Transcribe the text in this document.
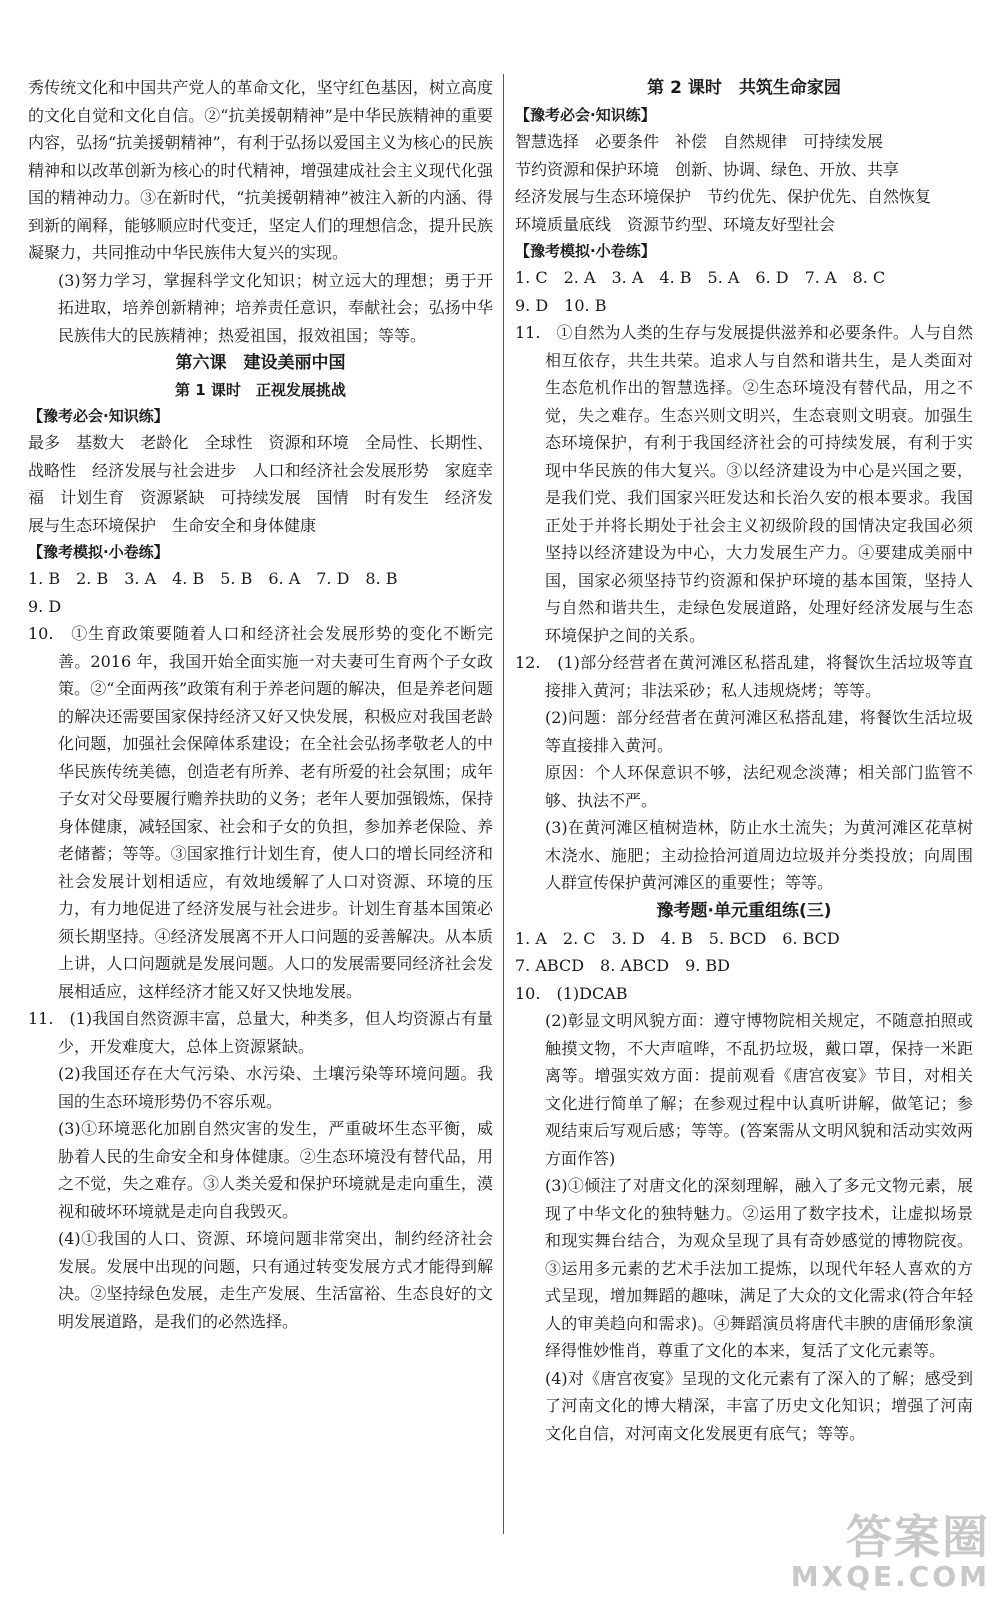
秀传统文化和中国共产党人的革命文化，坚守红色基因，树立高度的文化自觉和文化自信。②“抗美援朝精神”是中华民族精神的重要内容，弘扬“抗美援朝精神”，有利于弘扬以爱国主义为核心的民族精神和以改革创新为核心的时代精神，增强建成社会主义现代化强国的精神动力。③在新时代，“抗美援朝精神”被注入新的内涵、得到新的阐释，能够顺应时代变迁，坚定人们的理想信念，提升民族凝聚力，共同推动中华民族伟大复兴的实现。

(3)努力学习，掌握科学文化知识；树立远大的理想；勇于开拓进取，培养创新精神；培养责任意识，奉献社会；弘扬中华民族伟大的民族精神；热爱祖国，报效祖国；等等。

第六课　建设美丽中国

第 1 课时　正视发展挑战

【豫考必会·知识练】

最多　基数大　老龄化　全球性　资源和环境　全局性、长期性、战略性　经济发展与社会进步　人口和经济社会发展形势　家庭幸福　计划生育　资源紧缺　可持续发展　国情　时有发生　经济发展与生态环境保护　生命安全和身体健康

【豫考模拟·小卷练】

1. B　2. B　3. A　4. B　5. B　6. A　7. D　8. B

9. D

10.　①生育政策要随着人口和经济社会发展形势的变化不断完善。2016 年，我国开始全面实施一对夫妻可生育两个子女政策。②“全面两孩”政策有利于养老问题的解决，但是养老问题的解决还需要国家保持经济又好又快发展，积极应对我国老龄化问题，加强社会保障体系建设；在全社会弘扬孝敬老人的中华民族传统美德，创造老有所养、老有所爱的社会氛围；成年子女对父母要履行赡养扶助的义务；老年人要加强锻炼，保持身体健康，减轻国家、社会和子女的负担，参加养老保险、养老储蓄；等等。③国家推行计划生育，使人口的增长同经济和社会发展计划相适应，有效地缓解了人口对资源、环境的压力，有力地促进了经济发展与社会进步。计划生育基本国策必须长期坚持。④经济发展离不开人口问题的妥善解决。从本质上讲，人口问题就是发展问题。人口的发展需要同经济社会发展相适应，这样经济才能又好又快地发展。

11.　(1)我国自然资源丰富，总量大，种类多，但人均资源占有量少，开发难度大，总体上资源紧缺。

(2)我国还存在大气污染、水污染、土壤污染等环境问题。我国的生态环境形势仍不容乐观。

(3)①环境恶化加剧自然灾害的发生，严重破坏生态平衡，威胁着人民的生命安全和身体健康。②生态环境没有替代品，用之不觉，失之难存。③人类关爱和保护环境就是走向重生，漠视和破坏环境就是走向自我毁灭。

(4)①我国的人口、资源、环境问题非常突出，制约经济社会发展。发展中出现的问题，只有通过转变发展方式才能得到解决。②坚持绿色发展，走生产发展、生活富裕、生态良好的文明发展道路，是我们的必然选择。

第 2 课时　共筑生命家园

【豫考必会·知识练】

智慧选择　必要条件　补偿　自然规律　可持续发展

节约资源和保护环境　创新、协调、绿色、开放、共享

经济发展与生态环境保护　节约优先、保护优先、自然恢复

环境质量底线　资源节约型、环境友好型社会

【豫考模拟·小卷练】

1. C　2. A　3. A　4. B　5. A　6. D　7. A　8. C

9. D　10. B

11.　①自然为人类的生存与发展提供滋养和必要条件。人与自然相互依存，共生共荣。追求人与自然和谐共生，是人类面对生态危机作出的智慧选择。②生态环境没有替代品，用之不觉，失之难存。生态兴则文明兴，生态衰则文明衰。加强生态环境保护，有利于我国经济社会的可持续发展，有利于实现中华民族的伟大复兴。③以经济建设为中心是兴国之要，是我们党、我们国家兴旺发达和长治久安的根本要求。我国正处于并将长期处于社会主义初级阶段的国情决定我国必须坚持以经济建设为中心，大力发展生产力。④要建成美丽中国，国家必须坚持节约资源和保护环境的基本国策，坚持人与自然和谐共生，走绿色发展道路，处理好经济发展与生态环境保护之间的关系。

12.　(1)部分经营者在黄河滩区私搭乱建，将餐饮生活垃圾等直接排入黄河；非法采砂；私人违规烧烤；等等。

(2)问题：部分经营者在黄河滩区私搭乱建，将餐饮生活垃圾等直接排入黄河。

原因：个人环保意识不够，法纪观念淡薄；相关部门监管不够、执法不严。

(3)在黄河滩区植树造林，防止水土流失；为黄河滩区花草树木浇水、施肥；主动捡拾河道周边垃圾并分类投放；向周围人群宣传保护黄河滩区的重要性；等等。

豫考题·单元重组练(三)

1. A　2. C　3. D　4. B　5. BCD　6. BCD

7. ABCD　8. ABCD　9. BD

10.　(1)DCAB

(2)彰显文明风貌方面：遵守博物院相关规定，不随意拍照或触摸文物，不大声喧哗，不乱扔垃圾，戴口罩，保持一米距离等。增强实效方面：提前观看《唐宫夜宴》节目，对相关文化进行简单了解；在参观过程中认真听讲解，做笔记；参观结束后写观后感；等等。(答案需从文明风貌和活动实效两方面作答)

(3)①倾注了对唐文化的深刻理解，融入了多元文物元素，展现了中华文化的独特魅力。②运用了数字技术，让虚拟场景和现实舞台结合，为观众呈现了具有奇妙感觉的博物院夜。③运用多元素的艺术手法加工提炼，以现代年轻人喜欢的方式呈现，增加舞蹈的趣味，满足了大众的文化需求(符合年轻人的审美趋向和需求)。④舞蹈演员将唐代丰腴的唐俑形象演绎得惟妙惟肖，尊重了文化的本来，复活了文化元素等。

(4)对《唐宫夜宴》呈现的文化元素有了深入的了解；感受到了河南文化的博大精深，丰富了历史文化知识；增强了河南文化自信，对河南文化发展更有底气；等等。

答案圈
MXQE.COM
